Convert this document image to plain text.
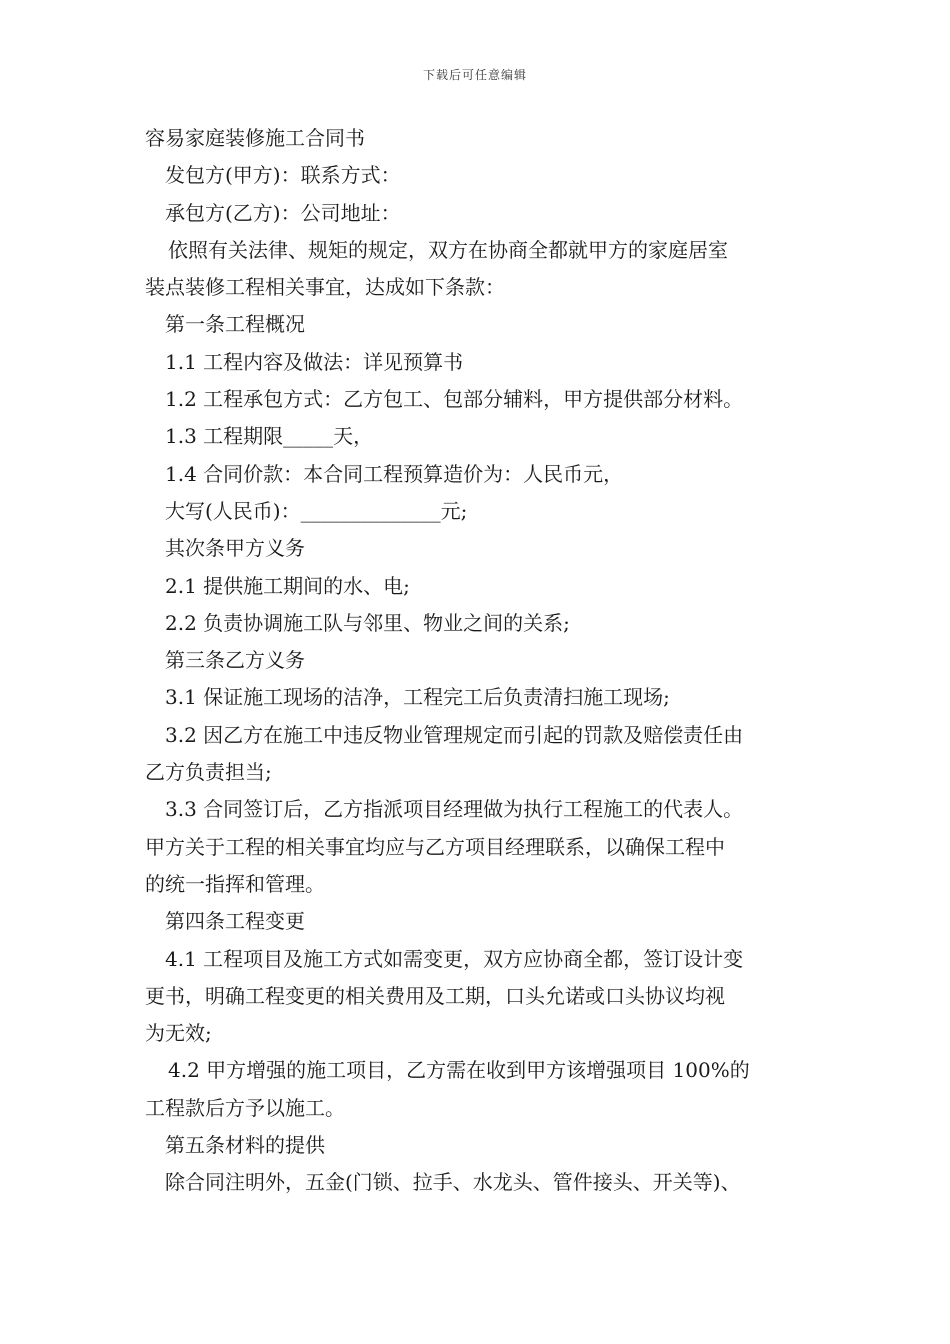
下载后可任意编辑
容易家庭装修施工合同书
发包方(甲方)：联系方式：
承包方(乙方)：公司地址：
依照有关法律、规矩的规定，双方在协商全都就甲方的家庭居室
装点装修工程相关事宜，达成如下条款：
第一条工程概况
1.1 工程内容及做法：详见预算书
1.2 工程承包方式：乙方包工、包部分辅料，甲方提供部分材料。
1.3 工程期限_____天，
1.4 合同价款：本合同工程预算造价为：人民币元，
大写(人民币)：______________元;
其次条甲方义务
2.1 提供施工期间的水、电;
2.2 负责协调施工队与邻里、物业之间的关系;
第三条乙方义务
3.1 保证施工现场的洁净，工程完工后负责清扫施工现场;
3.2 因乙方在施工中违反物业管理规定而引起的罚款及赔偿责任由
乙方负责担当;
3.3 合同签订后，乙方指派项目经理做为执行工程施工的代表人。
甲方关于工程的相关事宜均应与乙方项目经理联系，以确保工程中
的统一指挥和管理。
第四条工程变更
4.1 工程项目及施工方式如需变更，双方应协商全都，签订设计变
更书，明确工程变更的相关费用及工期，口头允诺或口头协议均视
为无效;
4.2 甲方增强的施工项目，乙方需在收到甲方该增强项目 100%的
工程款后方予以施工。
第五条材料的提供
除合同注明外，五金(门锁、拉手、水龙头、管件接头、开关等)、
